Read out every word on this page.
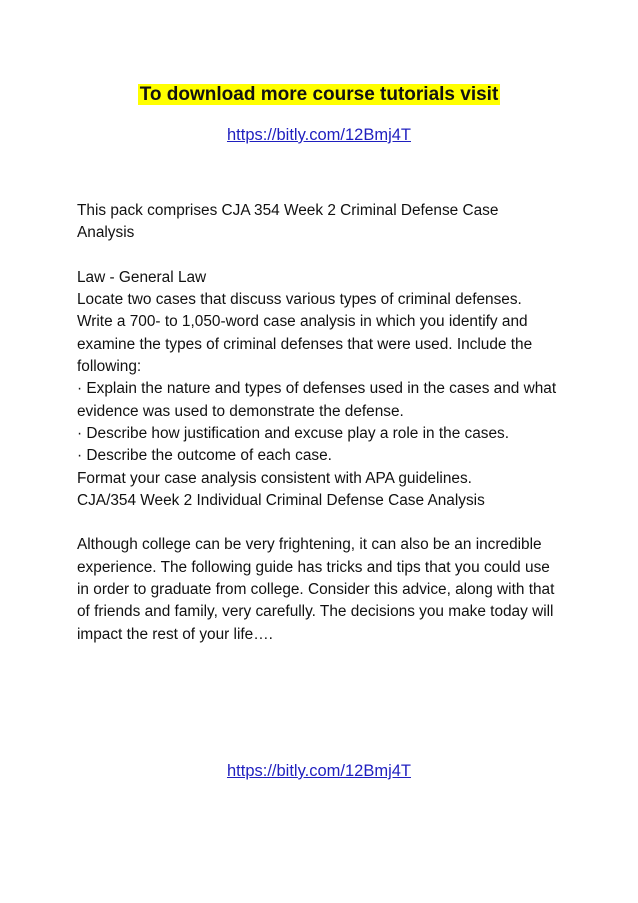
To download more course tutorials visit
https://bitly.com/12Bmj4T

This pack comprises CJA 354 Week 2 Criminal Defense Case Analysis

Law - General Law

Locate two cases that discuss various types of criminal defenses.

Write a 700- to 1,050-word case analysis in which you identify and examine the types of criminal defenses that were used. Include the following:

· Explain the nature and types of defenses used in the cases and what evidence was used to demonstrate the defense.

· Describe how justification and excuse play a role in the cases.

· Describe the outcome of each case.

Format your case analysis consistent with APA guidelines.

CJA/354 Week 2 Individual Criminal Defense Case Analysis

Although college can be very frightening, it can also be an incredible experience. The following guide has tricks and tips that you could use in order to graduate from college. Consider this advice, along with that of friends and family, very carefully. The decisions you make today will impact the rest of your life….

https://bitly.com/12Bmj4T
